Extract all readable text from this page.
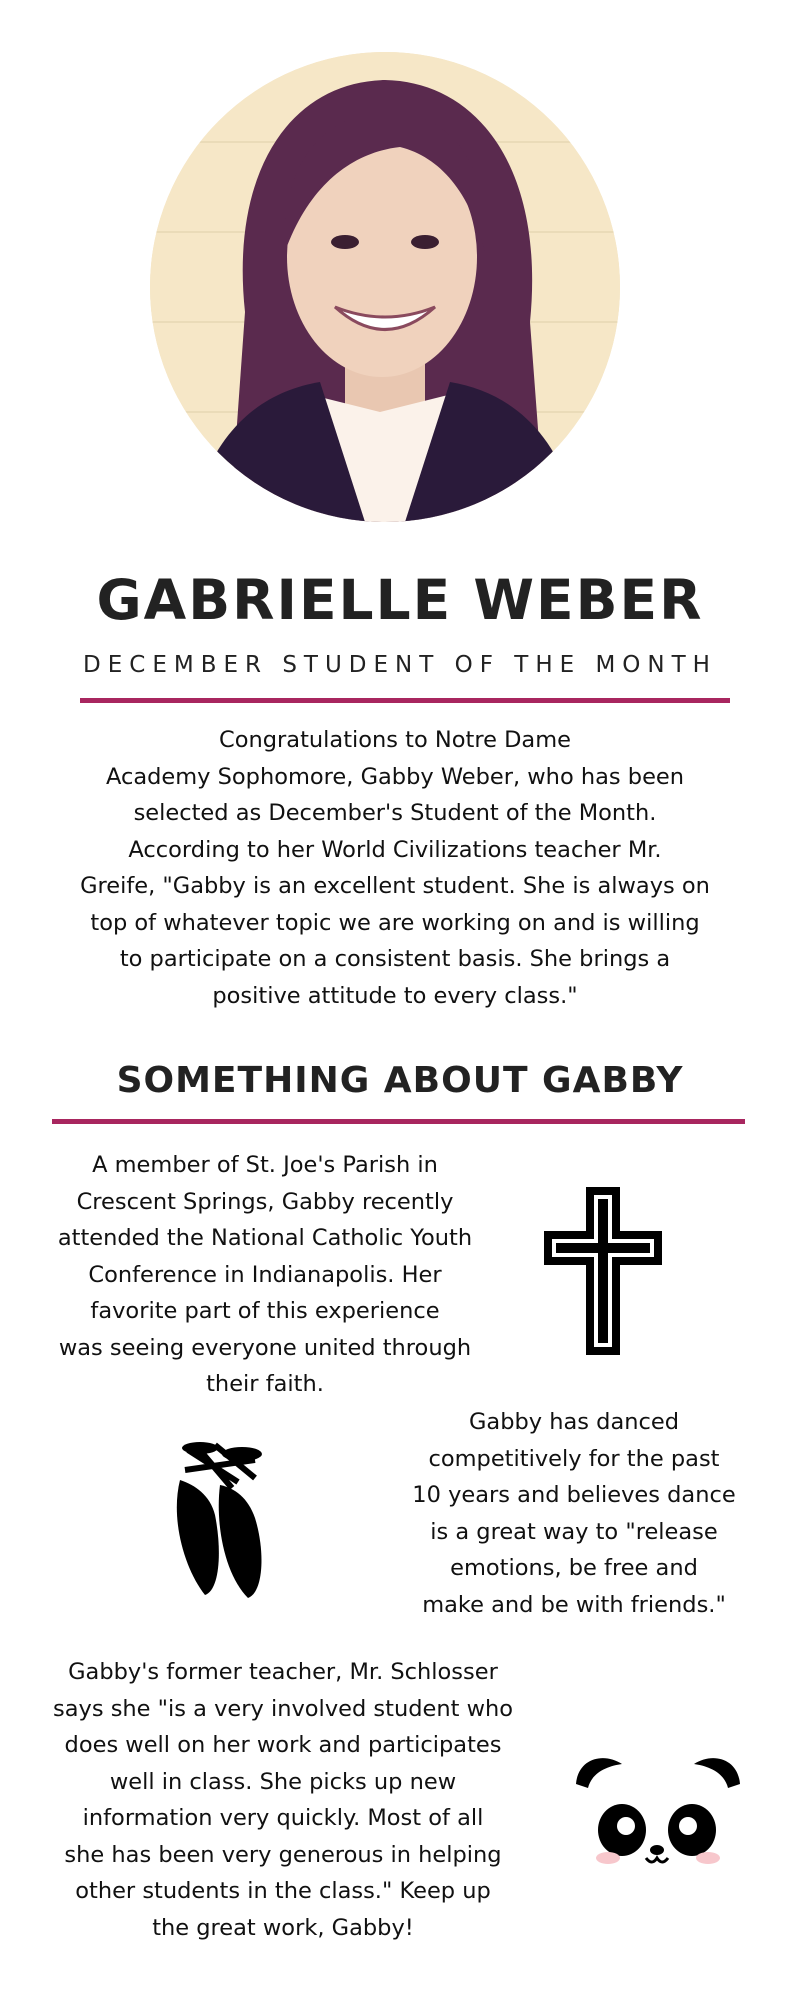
GABRIELLE WEBER
DECEMBER STUDENT OF THE MONTH
Congratulations to Notre Dame
Academy Sophomore, Gabby Weber, who has been
selected as December's Student of the Month.
According to her World Civilizations teacher Mr.
Greife, "Gabby is an excellent student. She is always on
top of whatever topic we are working on and is willing
to participate on a consistent basis. She brings a
positive attitude to every class."
SOMETHING ABOUT GABBY
A member of St. Joe's Parish in
Crescent Springs, Gabby recently
attended the National Catholic Youth
Conference in Indianapolis. Her
favorite part of this experience
was seeing everyone united through
their faith.
Gabby has danced
competitively for the past
10 years and believes dance
is a great way to "release
emotions, be free and
make and be with friends."
Gabby's former teacher, Mr. Schlosser
says she "is a very involved student who
does well on her work and participates
well in class. She picks up new
information very quickly. Most of all
she has been very generous in helping
other students in the class." Keep up
the great work, Gabby!
